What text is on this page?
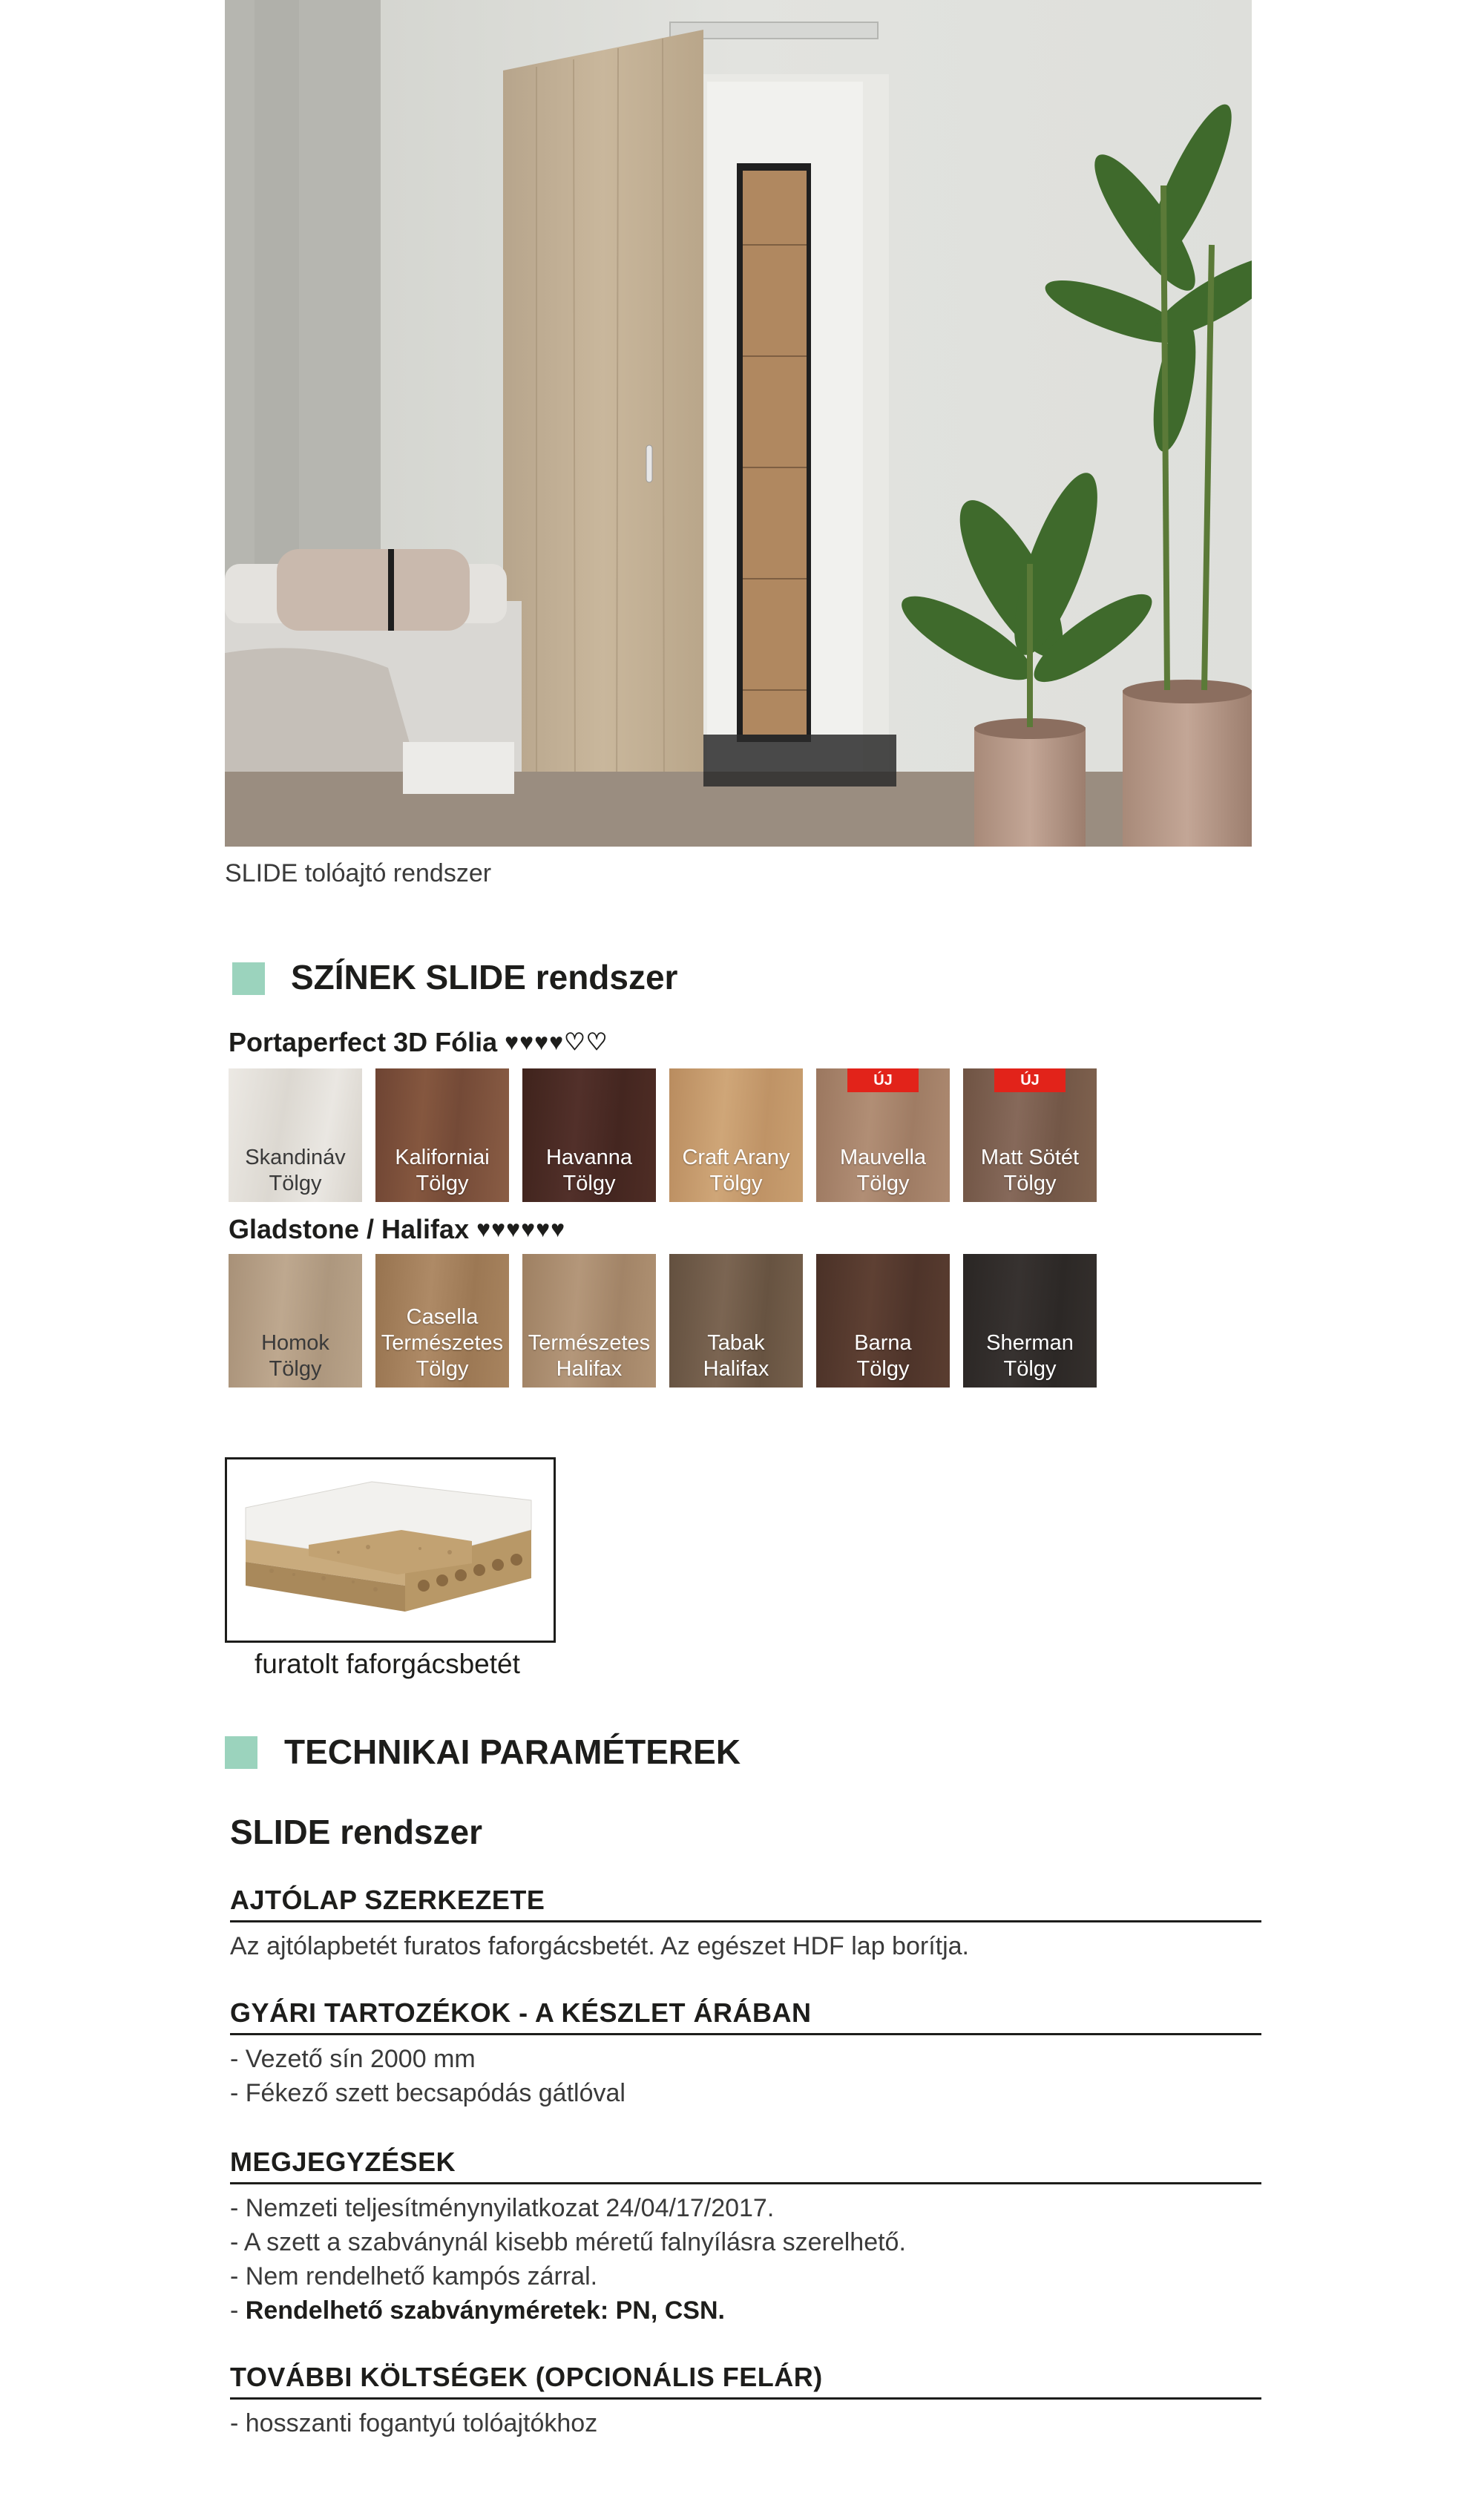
SLIDE tolóajtó rendszer
SZÍNEK SLIDE rendszer
Portaperfect 3D Fólia ♥♥♥♥♡♡
Skandináv
Tölgy
Kaliforniai
Tölgy
Havanna
Tölgy
Craft Arany
Tölgy
ÚJ
Mauvella
Tölgy
ÚJ
Matt Sötét
Tölgy
Gladstone / Halifax ♥♥♥♥♥♥
Homok
Tölgy
Casella
Természetes
Tölgy
Természetes
Halifax
Tabak
Halifax
Barna
Tölgy
Sherman
Tölgy
furatolt faforgácsbetét
TECHNIKAI PARAMÉTEREK
SLIDE rendszer
AJTÓLAP SZERKEZETE
Az ajtólapbetét furatos faforgácsbetét. Az egészet HDF lap borítja.
GYÁRI TARTOZÉKOK - A KÉSZLET ÁRÁBAN
- Vezető sín 2000 mm
- Fékező szett becsapódás gátlóval
MEGJEGYZÉSEK
- Nemzeti teljesítménynyilatkozat 24/04/17/2017.
- A szett a szabványnál kisebb méretű falnyílásra szerelhető.
- Nem rendelhető kampós zárral.
- Rendelhető szabványméretek: PN, CSN.
TOVÁBBI KÖLTSÉGEK (OPCIONÁLIS FELÁR)
- hosszanti fogantyú tolóajtókhoz
